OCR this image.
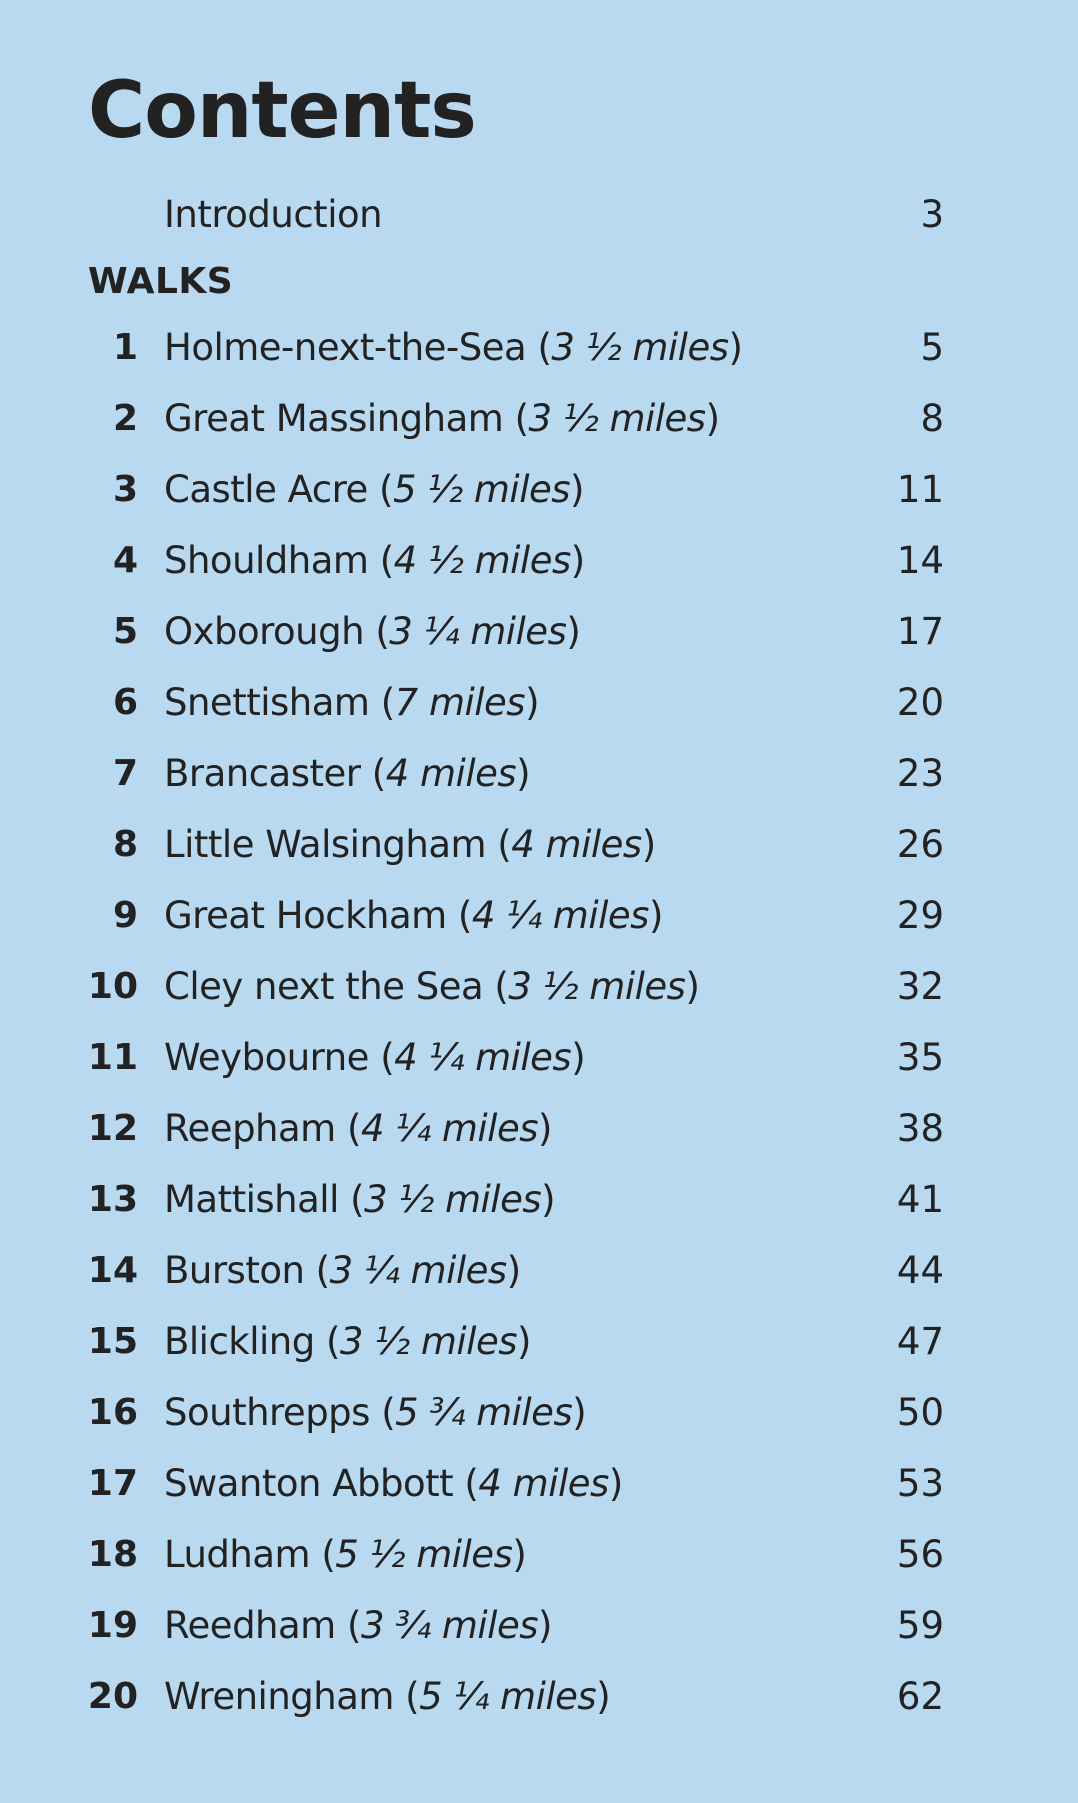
Contents
Introduction	3
WALKS
1 Holme-next-the-Sea (3 ½ miles)	5
2 Great Massingham (3 ½ miles)	8
3 Castle Acre (5 ½ miles)	11
4 Shouldham (4 ½ miles)	14
5 Oxborough (3 ¼ miles)	17
6 Snettisham (7 miles)	20
7 Brancaster (4 miles)	23
8 Little Walsingham (4 miles)	26
9 Great Hockham (4 ¼ miles)	29
10 Cley next the Sea (3 ½ miles)	32
11 Weybourne (4 ¼ miles)	35
12 Reepham (4 ¼ miles)	38
13 Mattishall (3 ½ miles)	41
14 Burston (3 ¼ miles)	44
15 Blickling (3 ½ miles)	47
16 Southrepps (5 ¾ miles)	50
17 Swanton Abbott (4 miles)	53
18 Ludham (5 ½ miles)	56
19 Reedham (3 ¾ miles)	59
20 Wreningham (5 ¼ miles)	62
